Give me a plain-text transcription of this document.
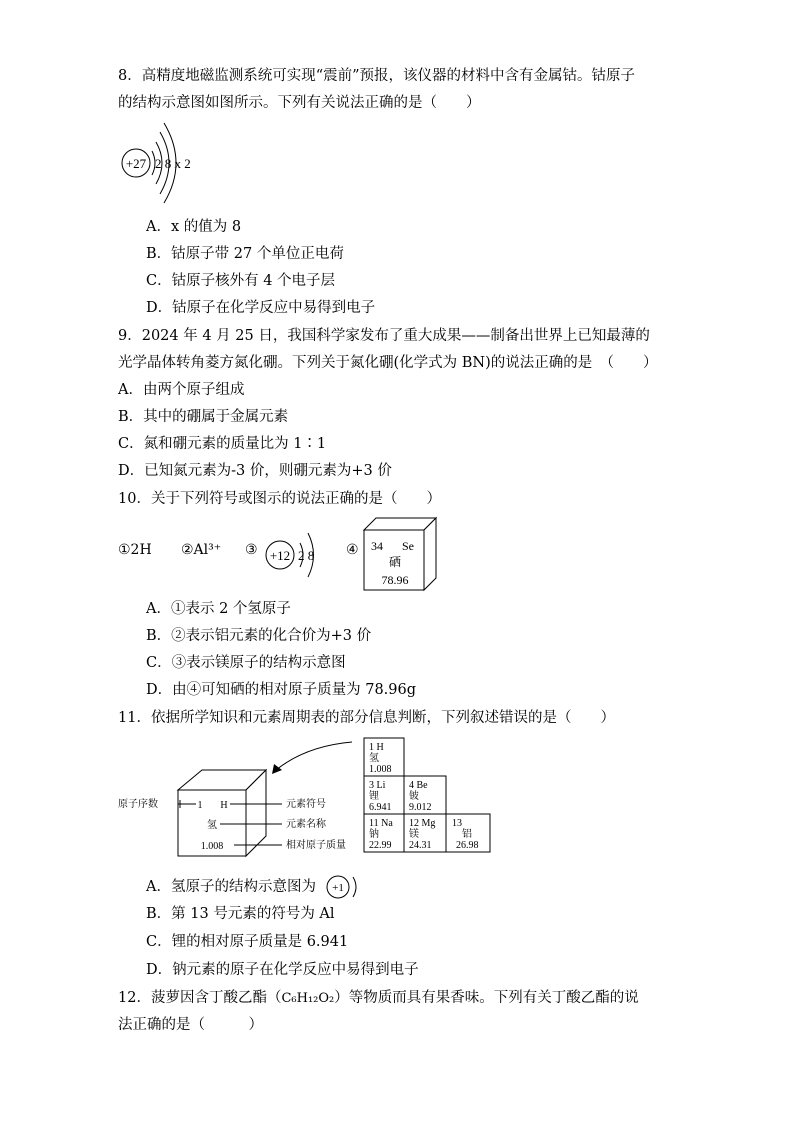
8．高精度地磁监测系统可实现“震前”预报，该仪器的材料中含有金属钴。钴原子
的结构示意图如图所示。下列有关说法正确的是（　　）
+27 2 8 x 2
A．x 的值为 8
B．钴原子带 27 个单位正电荷
C．钴原子核外有 4 个电子层
D．钴原子在化学反应中易得到电子
9．2024 年 4 月 25 日，我国科学家发布了重大成果——制备出世界上已知最薄的
光学晶体转角菱方氮化硼。下列关于氮化硼(化学式为 BN)的说法正确的是　（　　）
A．由两个原子组成
B．其中的硼属于金属元素
C．氮和硼元素的质量比为 1∶1
D．已知氮元素为-3 价，则硼元素为+3 价
10．关于下列符号或图示的说法正确的是（　　）
①2H ②Al³⁺ ③ +12 2 8 ④ 34 Se
硒
78.96
A．①表示 2 个氢原子
B．②表示铝元素的化合价为+3 价
C．③表示镁原子的结构示意图
D．由④可知硒的相对原子质量为 78.96g
11．依据所学知识和元素周期表的部分信息判断，下列叙述错误的是（　　）
1 H
氢
1.008
原子序数	元素符号
元素名称
相对原子质量
1 H
氢
1.008
3 Li
锂
6.941
4 Be
铍
9.012
11 Na
钠
22.99
12 Mg
镁
24.31
13
铝
26.98
A．氢原子的结构示意图为 +1
B．第 13 号元素的符号为 Al
C．锂的相对原子质量是 6.941
D．钠元素的原子在化学反应中易得到电子
12．菠萝因含丁酸乙酯（C₆H₁₂O₂）等物质而具有果香味。下列有关丁酸乙酯的说
法正确的是（　　　）
